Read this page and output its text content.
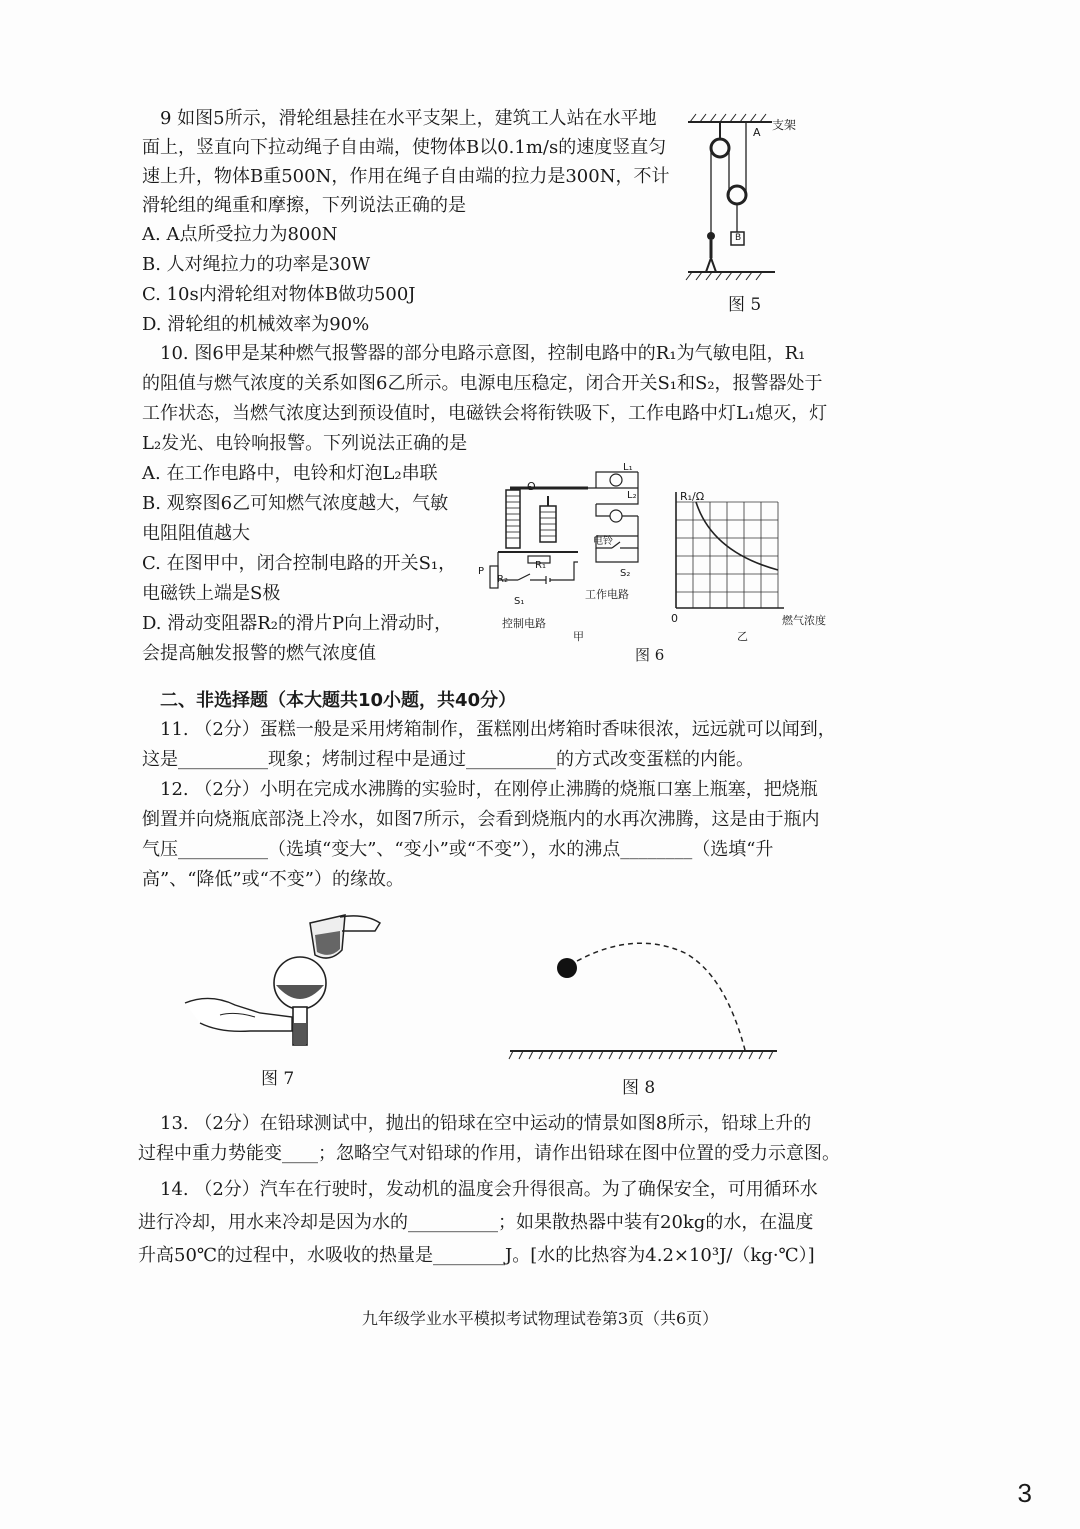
9 如图5所示，滑轮组悬挂在水平支架上，建筑工人站在水平地
面上，竖直向下拉动绳子自由端，使物体B以0.1m/s的速度竖直匀
速上升，物体B重500N，作用在绳子自由端的拉力是300N，不计
滑轮组的绳重和摩擦，下列说法正确的是
A. A点所受拉力为800N
B. 人对绳拉力的功率是30W
C. 10s内滑轮组对物体B做功500J
D. 滑轮组的机械效率为90%
支架
A
B
图 5
10. 图6甲是某种燃气报警器的部分电路示意图，控制电路中的R₁为气敏电阻，R₁
的阻值与燃气浓度的关系如图6乙所示。电源电压稳定，闭合开关S₁和S₂，报警器处于
工作状态，当燃气浓度达到预设值时，电磁铁会将衔铁吸下，工作电路中灯L₁熄灭，灯
L₂发光、电铃响报警。下列说法正确的是
A. 在工作电路中，电铃和灯泡L₂串联
B. 观察图6乙可知燃气浓度越大，气敏
电阻阻值越大
C. 在图甲中，闭合控制电路的开关S₁，
电磁铁上端是S极
D. 滑动变阻器R₂的滑片P向上滑动时，
会提高触发报警的燃气浓度值
O
L₁
L₂
电铃
R₁
P
R₂
S₁
S₂
工作电路
控制电路
甲
R₁/Ω
0	燃气浓度
乙
图 6
二、非选择题（本大题共10小题，共40分）
11. （2分）蛋糕一般是采用烤箱制作，蛋糕刚出烤箱时香味很浓，远远就可以闻到，
这是__________现象；烤制过程中是通过__________的方式改变蛋糕的内能。
12. （2分）小明在完成水沸腾的实验时，在刚停止沸腾的烧瓶口塞上瓶塞，把烧瓶
倒置并向烧瓶底部浇上冷水，如图7所示，会看到烧瓶内的水再次沸腾，这是由于瓶内
气压__________（选填“变大”、“变小”或“不变”），水的沸点________（选填“升
高”、“降低”或“不变”）的缘故。
图 7	图 8
13. （2分）在铅球测试中，抛出的铅球在空中运动的情景如图8所示，铅球上升的
过程中重力势能变____；忽略空气对铅球的作用，请作出铅球在图中位置的受力示意图。
14. （2分）汽车在行驶时，发动机的温度会升得很高。为了确保安全，可用循环水
进行冷却，用水来冷却是因为水的__________；如果散热器中装有20kg的水，在温度
升高50℃的过程中，水吸收的热量是________J。[水的比热容为4.2×10³J/（kg·℃）]
九年级学业水平模拟考试物理试卷第3页（共6页）
3
